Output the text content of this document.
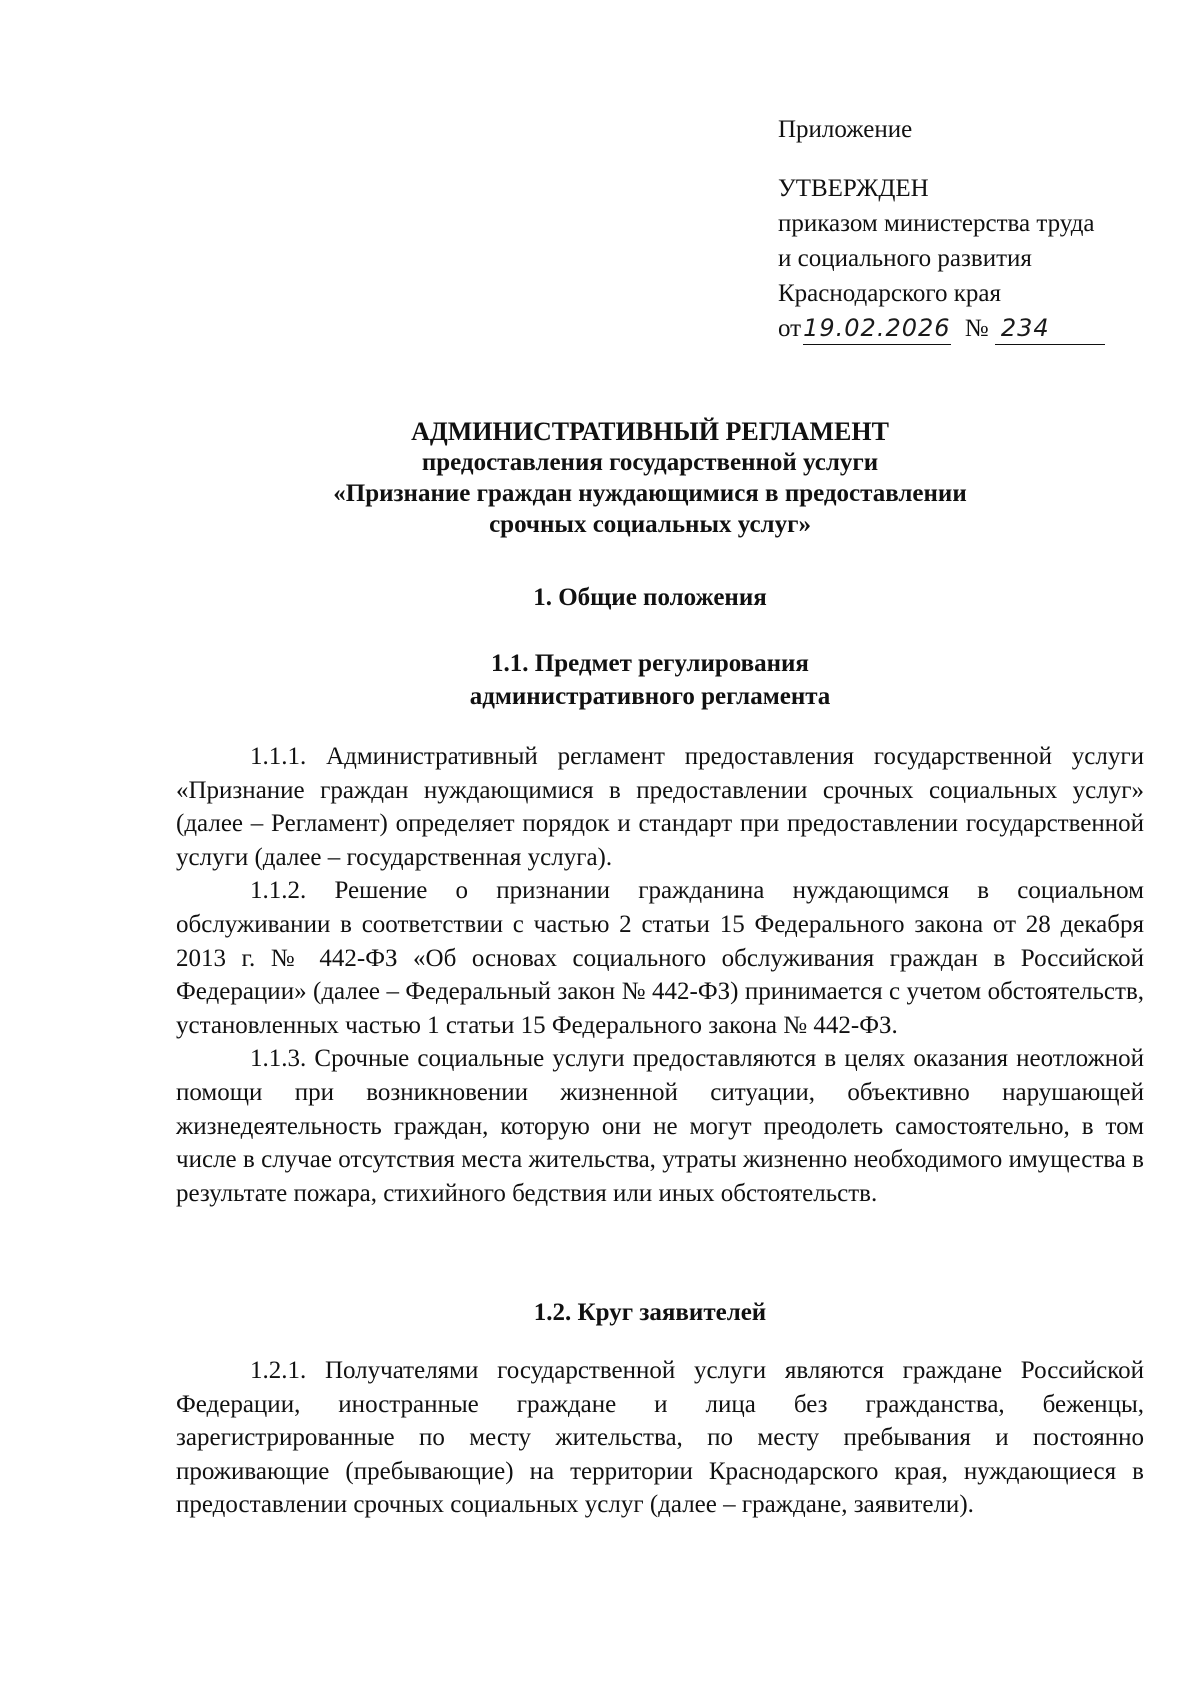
Приложение
УТВЕРЖДЕН
приказом министерства труда
и социального развития
Краснодарского края
от19.02.2026 № 234
АДМИНИСТРАТИВНЫЙ РЕГЛАМЕНТ
предоставления государственной услуги
«Признание граждан нуждающимися в предоставлении
срочных социальных услуг»
1. Общие положения
1.1. Предмет регулирования
административного регламента

1.1.1. Административный регламент предоставления государственной услуги «Признание граждан нуждающимися в предоставлении срочных социальных услуг» (далее – Регламент) определяет порядок и стандарт при предоставлении государственной услуги (далее – государственная услуга).

1.1.2. Решение о признании гражданина нуждающимся в социальном обслуживании в соответствии с частью 2 статьи 15 Федерального закона от 28 декабря 2013 г. № 442-ФЗ «Об основах социального обслуживания граждан в Российской Федерации» (далее – Федеральный закон № 442-ФЗ) принимается с учетом обстоятельств, установленных частью 1 статьи 15 Федерального закона № 442-ФЗ.

1.1.3. Срочные социальные услуги предоставляются в целях оказания неотложной помощи при возникновении жизненной ситуации, объективно нарушающей жизнедеятельность граждан, которую они не могут преодолеть самостоятельно, в том числе в случае отсутствия места жительства, утраты жизненно необходимого имущества в результате пожара, стихийного бедствия или иных обстоятельств.

1.2. Круг заявителей

1.2.1. Получателями государственной услуги являются граждане Российской Федерации, иностранные граждане и лица без гражданства, беженцы, зарегистрированные по месту жительства, по месту пребывания и постоянно проживающие (пребывающие) на территории Краснодарского края, нуждающиеся в предоставлении срочных социальных услуг (далее – граждане, заявители).
